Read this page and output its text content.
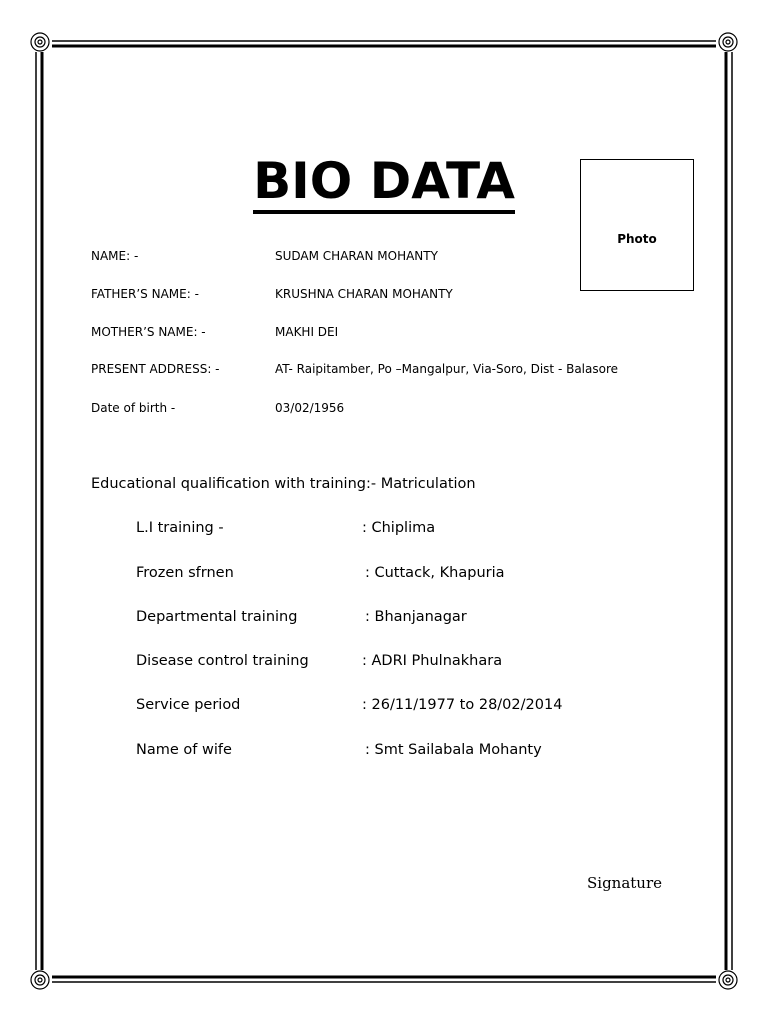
BIO DATA
Photo
NAME: -	SUDAM CHARAN MOHANTY
FATHER’S NAME: -	KRUSHNA CHARAN MOHANTY
MOTHER’S NAME: -	MAKHI DEI
PRESENT ADDRESS: -	AT- Raipitamber, Po –Mangalpur, Via-Soro, Dist - Balasore
Date of birth -	03/02/1956
Educational qualification with training:- Matriculation
L.I training -	: Chiplima
Frozen sfrnen	: Cuttack, Khapuria
Departmental training	: Bhanjanagar
Disease control training	: ADRI Phulnakhara
Service period	: 26/11/1977 to 28/02/2014
Name of wife	: Smt Sailabala Mohanty
Signature
